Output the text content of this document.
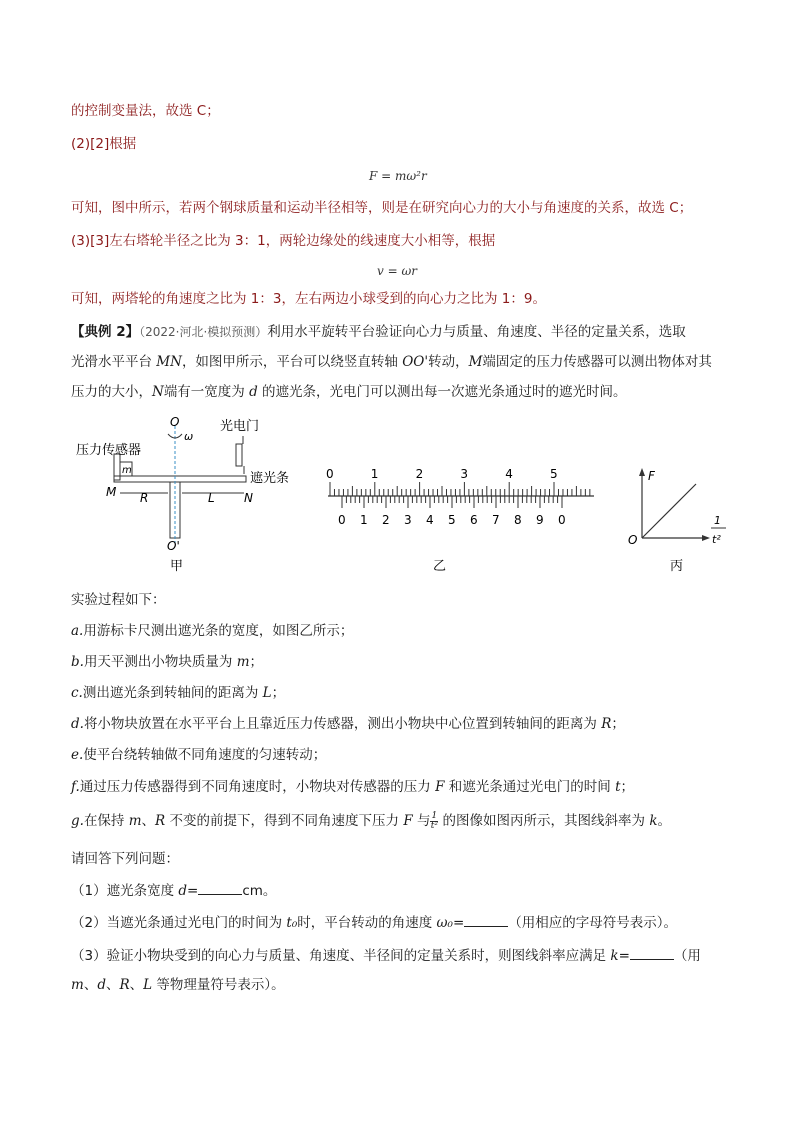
的控制变量法，故选 C；
(2)[2]根据
F = mω²r
可知，图中所示，若两个钢球质量和运动半径相等，则是在研究向心力的大小与角速度的关系，故选 C；
(3)[3]左右塔轮半径之比为 3：1，两轮边缘处的线速度大小相等，根据
v = ωr
可知，两塔轮的角速度之比为 1：3，左右两边小球受到的向心力之比为 1：9。
【典例 2】（2022·河北·模拟预测）利用水平旋转平台验证向心力与质量、角速度、半径的定量关系，选取
光滑水平平台 MN，如图甲所示，平台可以绕竖直转轴 OO'转动，M端固定的压力传感器可以测出物体对其
压力的大小，N端有一宽度为 d 的遮光条，光电门可以测出每一次遮光条通过时的遮光时间。
m
压力传感器
O
ω
O'
光电门
遮光条
M R	L N
甲
0	1	2	3	4	5
0 1 2 3 4 5 6 7 8 9 0
乙
F
O
1
t²
丙
实验过程如下：
a.用游标卡尺测出遮光条的宽度，如图乙所示；
b.用天平测出小物块质量为 m；
c.测出遮光条到转轴间的距离为 L；
d.将小物块放置在水平平台上且靠近压力传感器，测出小物块中心位置到转轴间的距离为 R；
e.使平台绕转轴做不同角速度的匀速转动；
f.通过压力传感器得到不同角速度时，小物块对传感器的压力 F 和遮光条通过光电门的时间 t；
g.在保持 m、R 不变的前提下，得到不同角速度下压力 F 与 $\frac{1}{\text{t²}}$ 的图像如图丙所示，其图线斜率为 k。
请回答下列问题：
（1）遮光条宽度 d=	cm。
（2）当遮光条通过光电门的时间为 t₀时，平台转动的角速度 ω₀=	（用相应的字母符号表示）。
（3）验证小物块受到的向心力与质量、角速度、半径间的定量关系时，则图线斜率应满足 k=	（用
m、d、R、L 等物理量符号表示）。
